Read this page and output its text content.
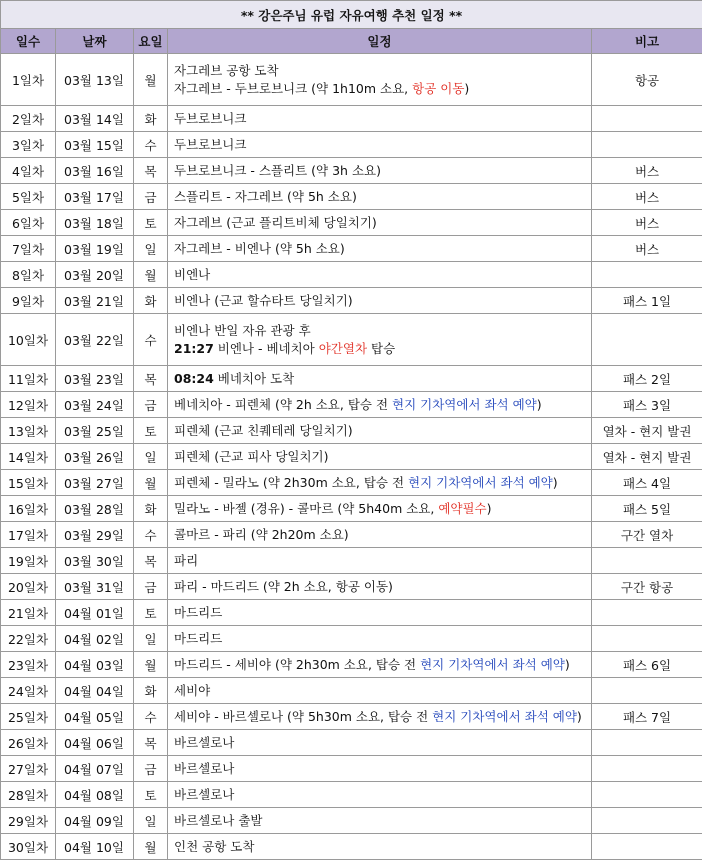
** 강은주님 유럽 자유여행 추천 일정 **				
일수	날짜	요일	일정	비고
1일차	03월 13일	월	자그레브 공항 도착
자그레브 - 두브로브니크 (약 1h10m 소요, 항공 이동)	항공
2일차	03월 14일	화	두브로브니크	

3일차	03월 15일	수	두브로브니크	

4일차	03월 16일	목	두브로브니크 - 스플리트 (약 3h 소요)	버스
5일차	03월 17일	금	스플리트 - 자그레브 (약 5h 소요)	버스
6일차	03월 18일	토	자그레브 (근교 플리트비체 당일치기)	버스
7일차	03월 19일	일	자그레브 - 비엔나 (약 5h 소요)	버스
8일차	03월 20일	월	비엔나	

9일차	03월 21일	화	비엔나 (근교 할슈타트 당일치기)	패스 1일
10일차	03월 22일	수	비엔나 반일 자유 관광 후
21:27 비엔나 - 베네치아 야간열차 탑승	

11일차	03월 23일	목	08:24 베네치아 도착	패스 2일
12일차	03월 24일	금	베네치아 - 피렌체 (약 2h 소요, 탑승 전 현지 기차역에서 좌석 예약)	패스 3일
13일차	03월 25일	토	피렌체 (근교 친퀘테레 당일치기)	열차 - 현지 발권
14일차	03월 26일	일	피렌체 (근교 피사 당일치기)	열차 - 현지 발권
15일차	03월 27일	월	피렌체 - 밀라노 (약 2h30m 소요, 탑승 전 현지 기차역에서 좌석 예약)	패스 4일
16일차	03월 28일	화	밀라노 - 바젤 (경유) - 콜마르 (약 5h40m 소요, 예약필수)	패스 5일
17일차	03월 29일	수	콜마르 - 파리 (약 2h20m 소요)	구간 열차
19일차	03월 30일	목	파리	

20일차	03월 31일	금	파리 - 마드리드 (약 2h 소요, 항공 이동)	구간 항공
21일차	04월 01일	토	마드리드	

22일차	04월 02일	일	마드리드	

23일차	04월 03일	월	마드리드 - 세비야 (약 2h30m 소요, 탑승 전 현지 기차역에서 좌석 예약)	패스 6일
24일차	04월 04일	화	세비야	

25일차	04월 05일	수	세비야 - 바르셀로나 (약 5h30m 소요, 탑승 전 현지 기차역에서 좌석 예약)	패스 7일
26일차	04월 06일	목	바르셀로나	

27일차	04월 07일	금	바르셀로나	

28일차	04월 08일	토	바르셀로나	

29일차	04월 09일	일	바르셀로나 출발	

30일차	04월 10일	월	인천 공항 도착	
